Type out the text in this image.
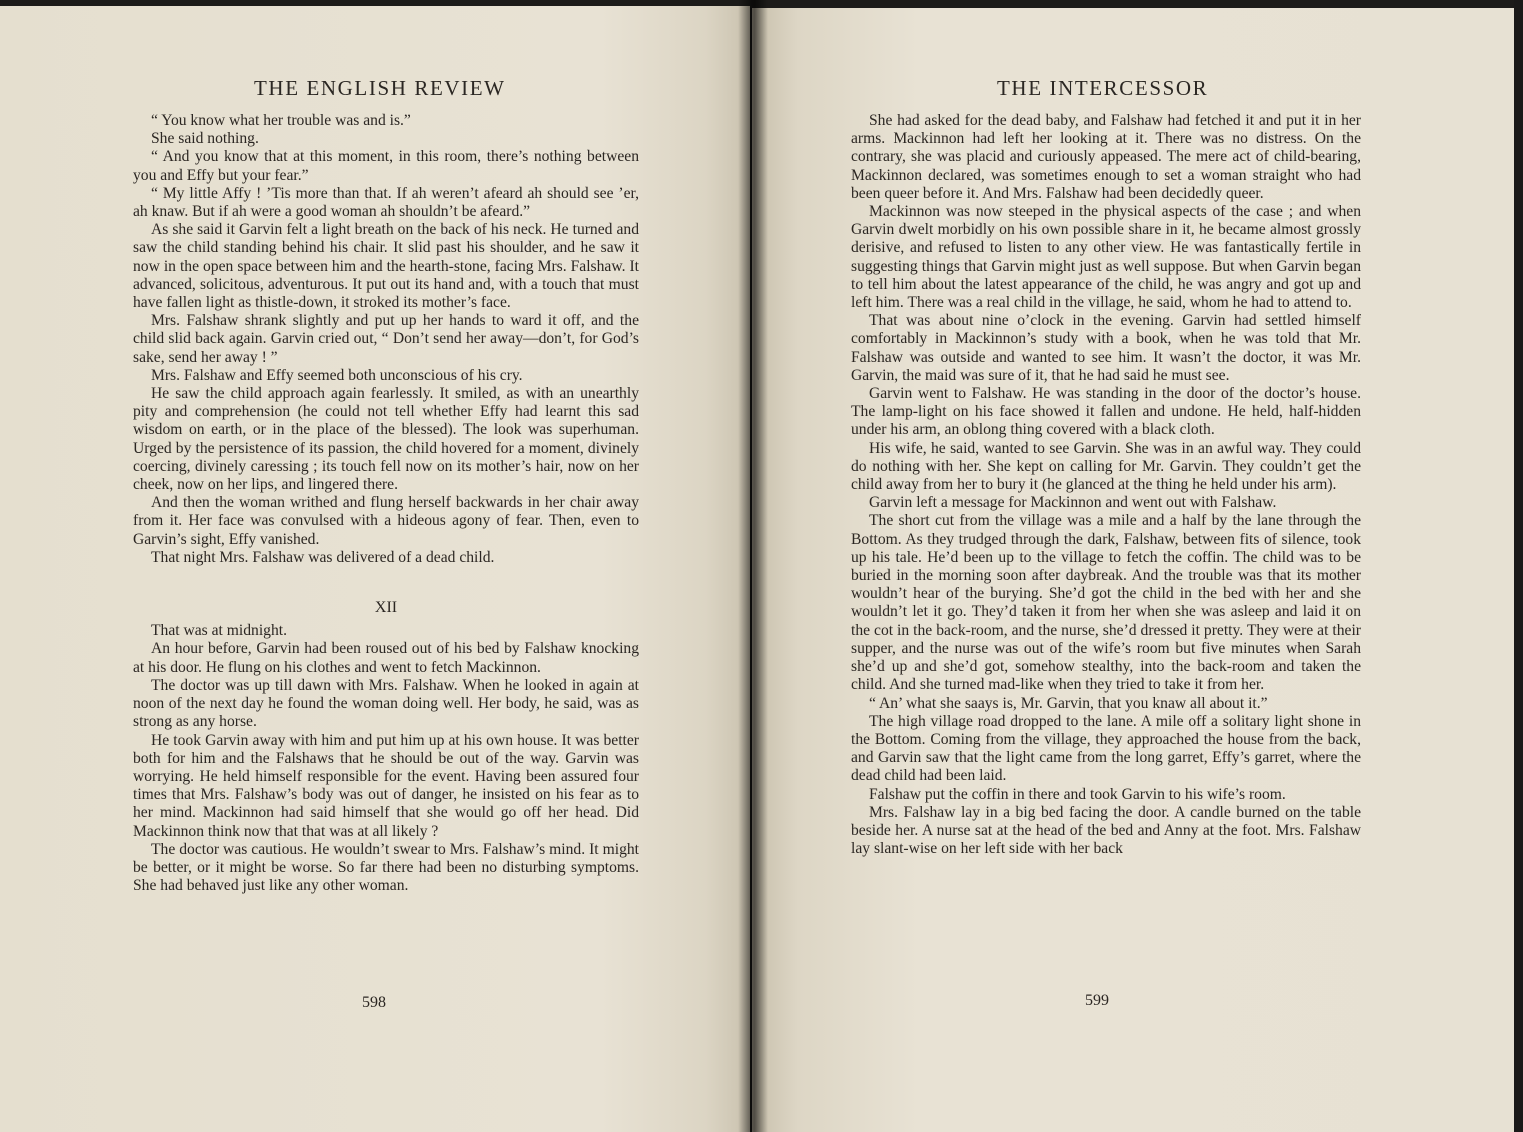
THE ENGLISH REVIEW

“ You know what her trouble was and is.”

She said nothing.

“ And you know that at this moment, in this room, there’s nothing between you and Effy but your fear.”

“ My little Affy ! ’Tis more than that. If ah weren’t afeard ah should see ’er, ah knaw. But if ah were a good woman ah shouldn’t be afeard.”

As she said it Garvin felt a light breath on the back of his neck. He turned and saw the child standing behind his chair. It slid past his shoulder, and he saw it now in the open space between him and the hearth-stone, facing Mrs. Falshaw. It advanced, solicitous, adventurous. It put out its hand and, with a touch that must have fallen light as thistle-down, it stroked its mother’s face.

Mrs. Falshaw shrank slightly and put up her hands to ward it off, and the child slid back again. Garvin cried out, “ Don’t send her away—don’t, for God’s sake, send her away ! ”

Mrs. Falshaw and Effy seemed both unconscious of his cry.

He saw the child approach again fearlessly. It smiled, as with an unearthly pity and comprehension (he could not tell whether Effy had learnt this sad wisdom on earth, or in the place of the blessed). The look was superhuman. Urged by the persistence of its passion, the child hovered for a moment, divinely coercing, divinely caressing ; its touch fell now on its mother’s hair, now on her cheek, now on her lips, and lingered there.

And then the woman writhed and flung herself backwards in her chair away from it. Her face was convulsed with a hideous agony of fear. Then, even to Garvin’s sight, Effy vanished.

That night Mrs. Falshaw was delivered of a dead child.

XII

That was at midnight.

An hour before, Garvin had been roused out of his bed by Falshaw knocking at his door. He flung on his clothes and went to fetch Mackinnon.

The doctor was up till dawn with Mrs. Falshaw. When he looked in again at noon of the next day he found the woman doing well. Her body, he said, was as strong as any horse.

He took Garvin away with him and put him up at his own house. It was better both for him and the Falshaws that he should be out of the way. Garvin was worrying. He held himself responsible for the event. Having been assured four times that Mrs. Falshaw’s body was out of danger, he insisted on his fear as to her mind. Mackinnon had said himself that she would go off her head. Did Mackinnon think now that that was at all likely ?

The doctor was cautious. He wouldn’t swear to Mrs. Falshaw’s mind. It might be better, or it might be worse. So far there had been no disturbing symptoms. She had behaved just like any other woman.

598
THE INTERCESSOR

She had asked for the dead baby, and Falshaw had fetched it and put it in her arms. Mackinnon had left her looking at it. There was no distress. On the contrary, she was placid and curiously appeased. The mere act of child-bearing, Mackinnon declared, was sometimes enough to set a woman straight who had been queer before it. And Mrs. Falshaw had been decidedly queer.

Mackinnon was now steeped in the physical aspects of the case ; and when Garvin dwelt morbidly on his own possible share in it, he became almost grossly derisive, and refused to listen to any other view. He was fantastically fertile in suggesting things that Garvin might just as well suppose. But when Garvin began to tell him about the latest appearance of the child, he was angry and got up and left him. There was a real child in the village, he said, whom he had to attend to.

That was about nine o’clock in the evening. Garvin had settled himself comfortably in Mackinnon’s study with a book, when he was told that Mr. Falshaw was outside and wanted to see him. It wasn’t the doctor, it was Mr. Garvin, the maid was sure of it, that he had said he must see.

Garvin went to Falshaw. He was standing in the door of the doctor’s house. The lamp-light on his face showed it fallen and undone. He held, half-hidden under his arm, an oblong thing covered with a black cloth.

His wife, he said, wanted to see Garvin. She was in an awful way. They could do nothing with her. She kept on calling for Mr. Garvin. They couldn’t get the child away from her to bury it (he glanced at the thing he held under his arm).

Garvin left a message for Mackinnon and went out with Falshaw.

The short cut from the village was a mile and a half by the lane through the Bottom. As they trudged through the dark, Falshaw, between fits of silence, took up his tale. He’d been up to the village to fetch the coffin. The child was to be buried in the morning soon after daybreak. And the trouble was that its mother wouldn’t hear of the burying. She’d got the child in the bed with her and she wouldn’t let it go. They’d taken it from her when she was asleep and laid it on the cot in the back-room, and the nurse, she’d dressed it pretty. They were at their supper, and the nurse was out of the wife’s room but five minutes when Sarah she’d up and she’d got, somehow stealthy, into the back-room and taken the child. And she turned mad-like when they tried to take it from her.

“ An’ what she saays is, Mr. Garvin, that you knaw all about it.”

The high village road dropped to the lane. A mile off a solitary light shone in the Bottom. Coming from the village, they approached the house from the back, and Garvin saw that the light came from the long garret, Effy’s garret, where the dead child had been laid.

Falshaw put the coffin in there and took Garvin to his wife’s room.

Mrs. Falshaw lay in a big bed facing the door. A candle burned on the table beside her. A nurse sat at the head of the bed and Anny at the foot. Mrs. Falshaw lay slant-wise on her left side with her back

599
